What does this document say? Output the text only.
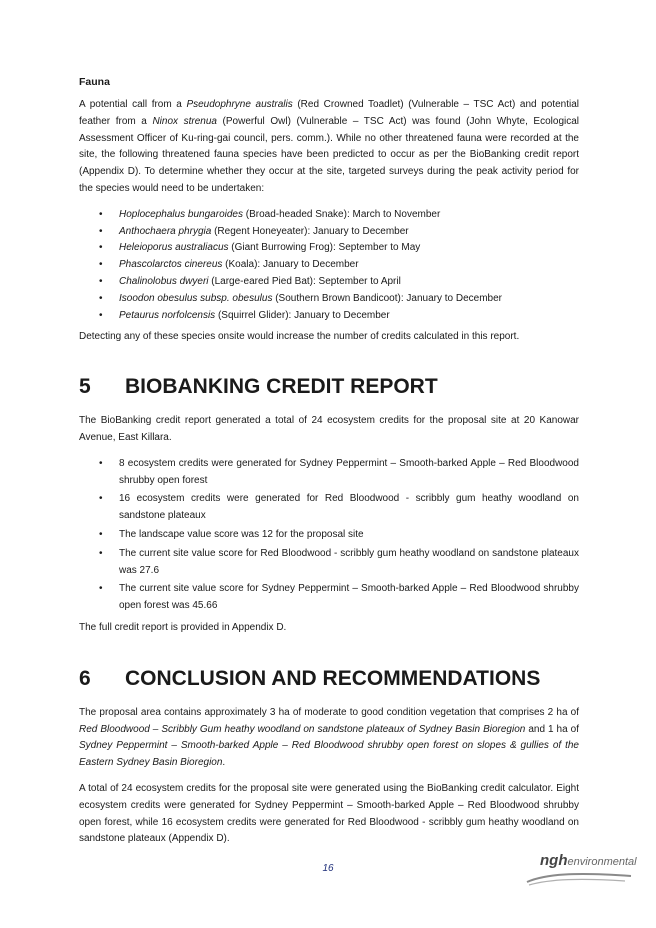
Fauna

A potential call from a Pseudophryne australis (Red Crowned Toadlet) (Vulnerable – TSC Act) and potential feather from a Ninox strenua (Powerful Owl) (Vulnerable – TSC Act) was found (John Whyte, Ecological Assessment Officer of Ku-ring-gai council, pers. comm.). While no other threatened fauna were recorded at the site, the following threatened fauna species have been predicted to occur as per the BioBanking credit report (Appendix D). To determine whether they occur at the site, targeted surveys during the peak activity period for the species would need to be undertaken:

• Hoplocephalus bungaroides (Broad-headed Snake): March to November
• Anthochaera phrygia (Regent Honeyeater): January to December
• Heleioporus australiacus (Giant Burrowing Frog): September to May
• Phascolarctos cinereus (Koala): January to December
• Chalinolobus dwyeri (Large-eared Pied Bat): September to April
• Isoodon obesulus subsp. obesulus (Southern Brown Bandicoot): January to December
• Petaurus norfolcensis (Squirrel Glider): January to December

Detecting any of these species onsite would increase the number of credits calculated in this report.

5	BIOBANKING CREDIT REPORT

The BioBanking credit report generated a total of 24 ecosystem credits for the proposal site at 20 Kanowar Avenue, East Killara.

• 8 ecosystem credits were generated for Sydney Peppermint – Smooth-barked Apple – Red Bloodwood shrubby open forest
• 16 ecosystem credits were generated for Red Bloodwood - scribbly gum heathy woodland on sandstone plateaux
• The landscape value score was 12 for the proposal site
• The current site value score for Red Bloodwood - scribbly gum heathy woodland on sandstone plateaux was 27.6
• The current site value score for Sydney Peppermint – Smooth-barked Apple – Red Bloodwood shrubby open forest was 45.66

The full credit report is provided in Appendix D.

6	CONCLUSION AND RECOMMENDATIONS

The proposal area contains approximately 3 ha of moderate to good condition vegetation that comprises 2 ha of Red Bloodwood – Scribbly Gum heathy woodland on sandstone plateaux of Sydney Basin Bioregion and 1 ha of Sydney Peppermint – Smooth-barked Apple – Red Bloodwood shrubby open forest on slopes & gullies of the Eastern Sydney Basin Bioregion.

A total of 24 ecosystem credits for the proposal site were generated using the BioBanking credit calculator. Eight ecosystem credits were generated for Sydney Peppermint – Smooth-barked Apple – Red Bloodwood shrubby open forest, while 16 ecosystem credits were generated for Red Bloodwood - scribbly gum heathy woodland on sandstone plateaux (Appendix D).

16	nghenvironmental
